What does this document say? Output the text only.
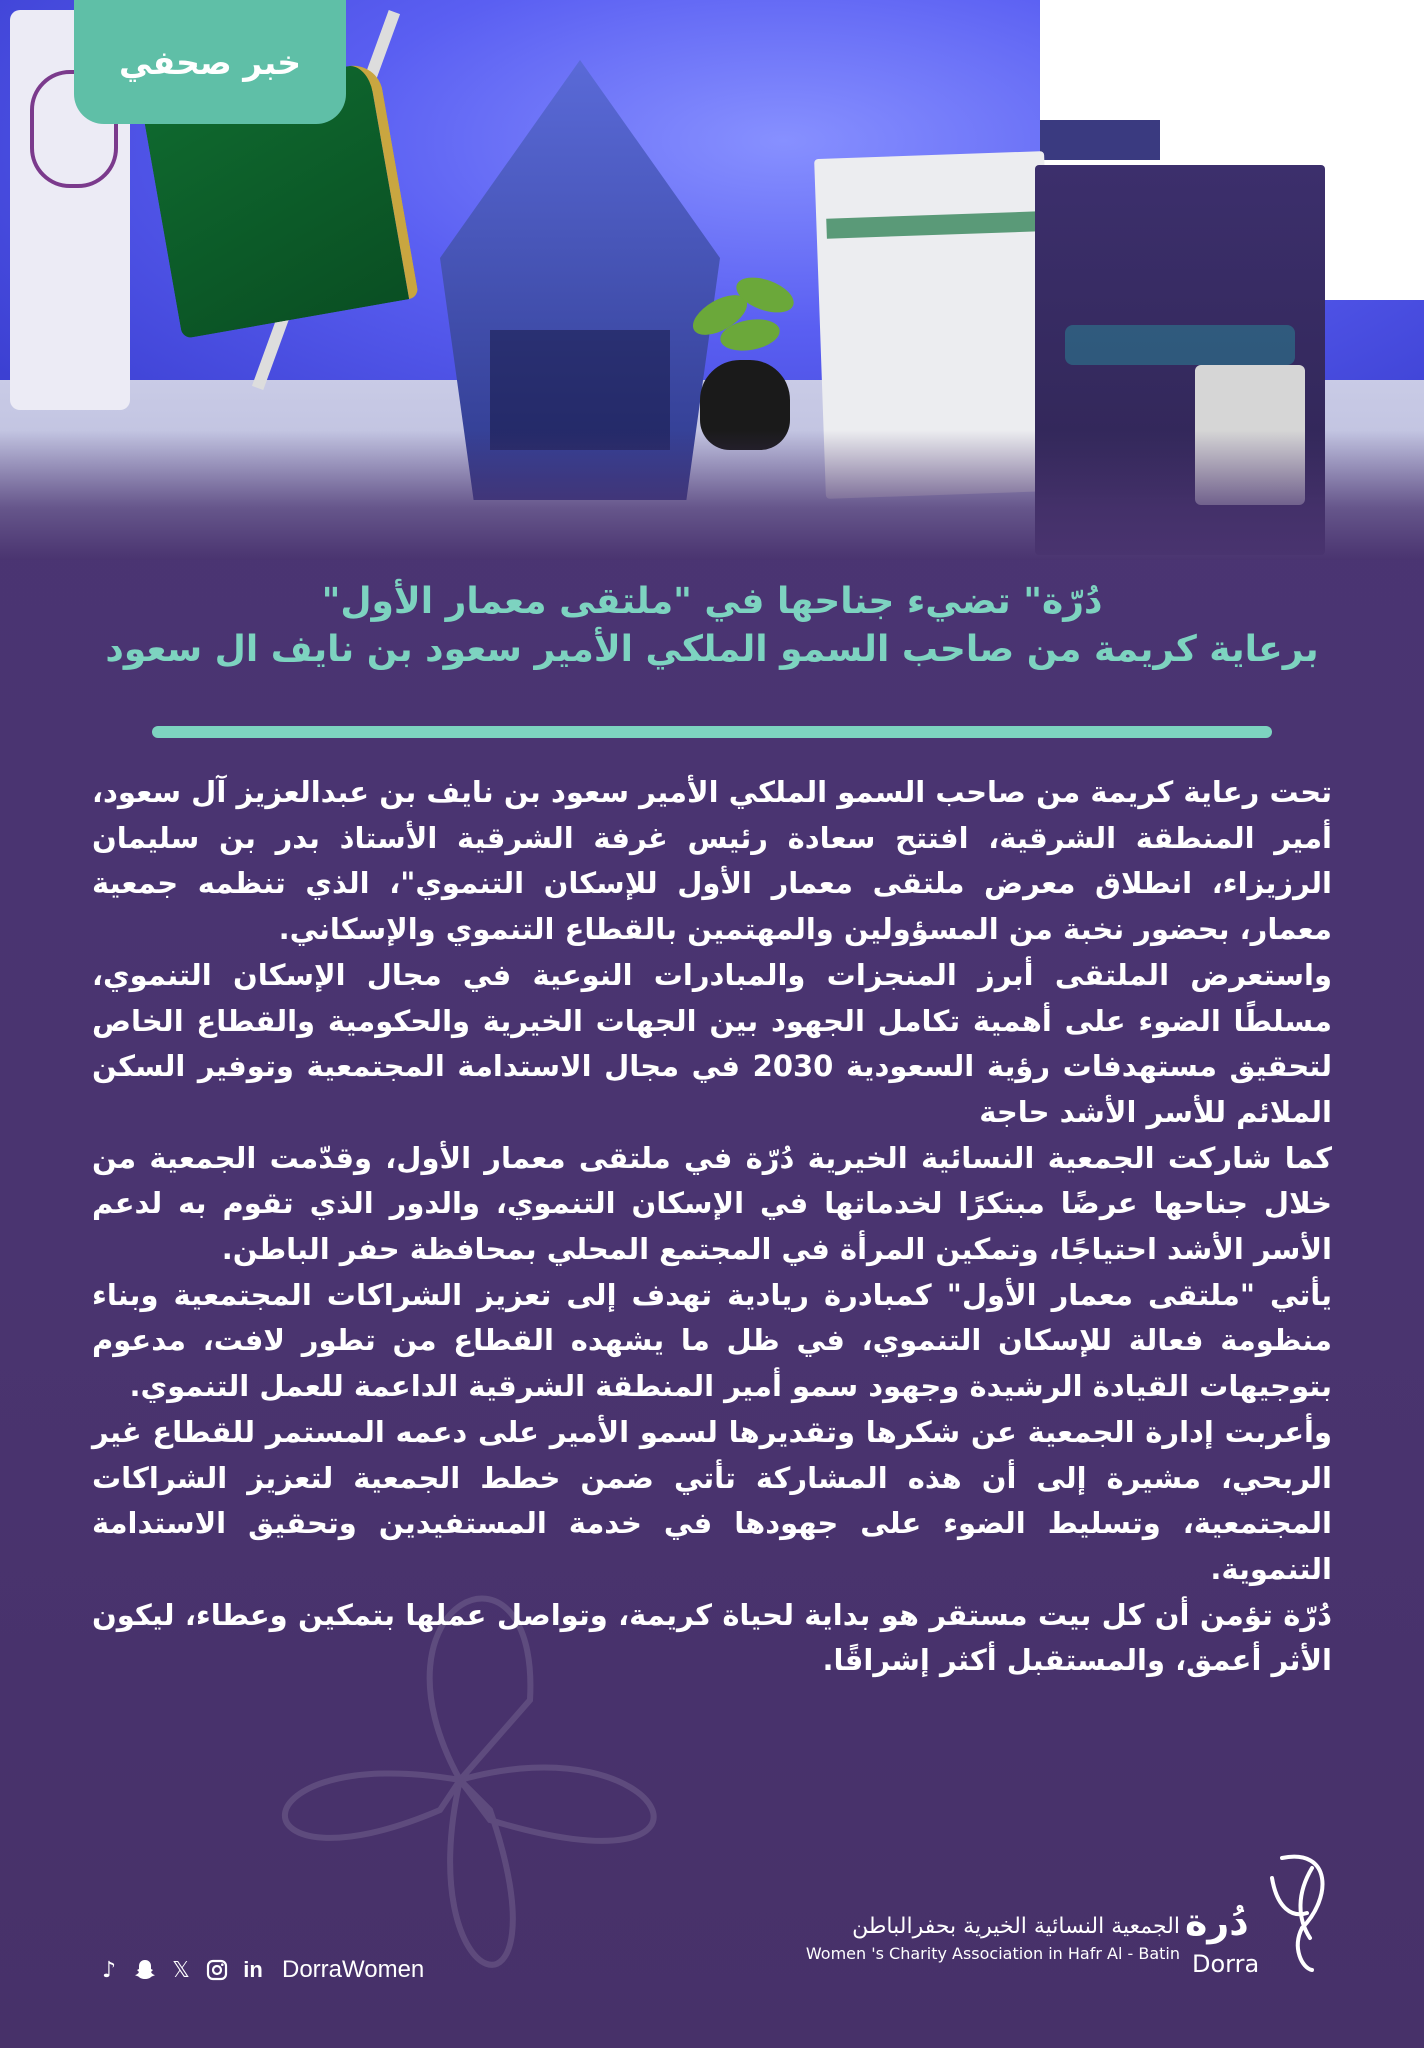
خبر صحفي
دُرّة" تضيء جناحها في "ملتقى معمار الأول"
برعاية كريمة من صاحب السمو الملكي الأمير سعود بن نايف ال سعود

تحت رعاية كريمة من صاحب السمو الملكي الأمير سعود بن نايف بن عبدالعزيز آل سعود، أمير المنطقة الشرقية، افتتح سعادة رئيس غرفة الشرقية الأستاذ بدر بن سليمان الرزيزاء، انطلاق معرض ملتقى معمار الأول للإسكان التنموي"، الذي تنظمه جمعية معمار، بحضور نخبة من المسؤولين والمهتمين بالقطاع التنموي والإسكاني.

واستعرض الملتقى أبرز المنجزات والمبادرات النوعية في مجال الإسكان التنموي، مسلطًا الضوء على أهمية تكامل الجهود بين الجهات الخيرية والحكومية والقطاع الخاص لتحقيق مستهدفات رؤية السعودية 2030 في مجال الاستدامة المجتمعية وتوفير السكن الملائم للأسر الأشد حاجة

كما شاركت الجمعية النسائية الخيرية دُرّة في ملتقى معمار الأول، وقدّمت الجمعية من خلال جناحها عرضًا مبتكرًا لخدماتها في الإسكان التنموي، والدور الذي تقوم به لدعم الأسر الأشد احتياجًا، وتمكين المرأة في المجتمع المحلي بمحافظة حفر الباطن.

يأتي "ملتقى معمار الأول" كمبادرة ريادية تهدف إلى تعزيز الشراكات المجتمعية وبناء منظومة فعالة للإسكان التنموي، في ظل ما يشهده القطاع من تطور لافت، مدعوم بتوجيهات القيادة الرشيدة وجهود سمو أمير المنطقة الشرقية الداعمة للعمل التنموي.

وأعربت إدارة الجمعية عن شكرها وتقديرها لسمو الأمير على دعمه المستمر للقطاع غير الربحي، مشيرة إلى أن هذه المشاركة تأتي ضمن خطط الجمعية لتعزيز الشراكات المجتمعية، وتسليط الضوء على جهودها في خدمة المستفيدين وتحقيق الاستدامة التنموية.

دُرّة تؤمن أن كل بيت مستقر هو بداية لحياة كريمة، وتواصل عملها بتمكين وعطاء، ليكون الأثر أعمق، والمستقبل أكثر إشراقًا.

دُرة
Dorra
الجمعية النسائية الخيرية بحفرالباطن
Women 's Charity Association in Hafr Al - Batin
♪	𝕏 in DorraWomen
